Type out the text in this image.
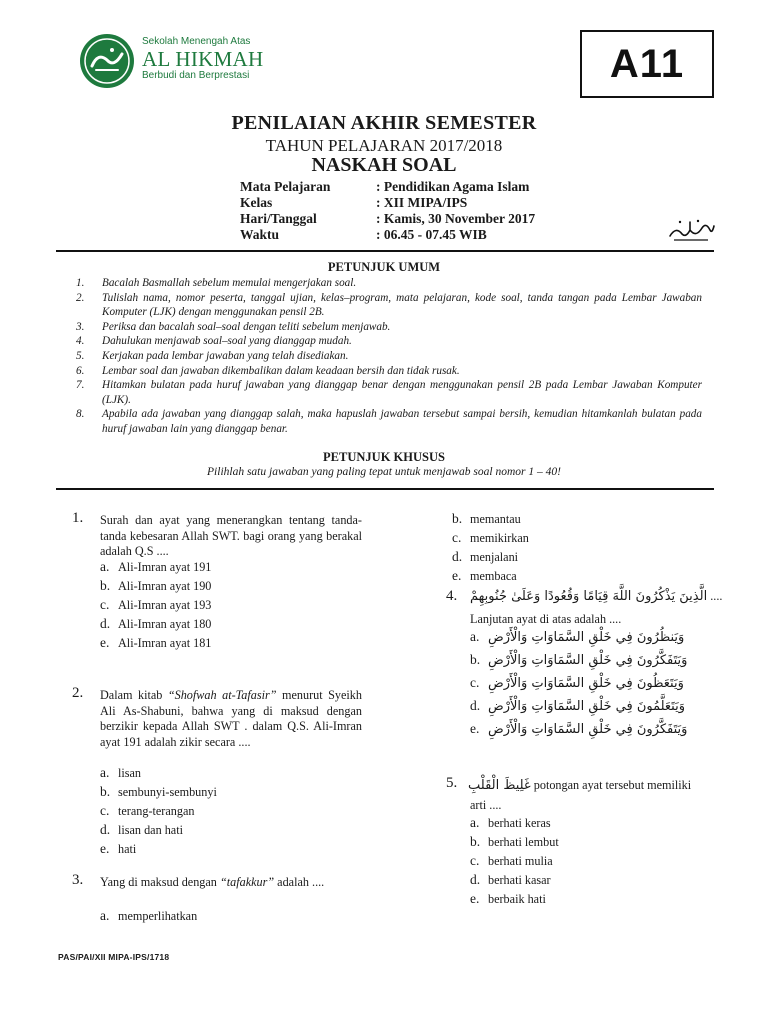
Sekolah Menengah Atas
AL HIKMAH
Berbudi dan Berprestasi	A11
PENILAIAN AKHIR SEMESTER
TAHUN PELAJARAN 2017/2018
NASKAH SOAL
Mata Pelajaran	: Pendidikan Agama Islam
Kelas	: XII MIPA/IPS
Hari/Tanggal	: Kamis, 30 November 2017
Waktu	: 06.45 - 07.45 WIB
PETUNJUK UMUM
1.	Bacalah Basmallah sebelum memulai mengerjakan soal.
2.	Tulislah nama, nomor peserta, tanggal ujian, kelas–program, mata pelajaran, kode soal, tanda tangan pada Lembar Jawaban Komputer (LJK) dengan menggunakan pensil 2B.
3.	Periksa dan bacalah soal–soal dengan teliti sebelum menjawab.
4.	Dahulukan menjawab soal–soal yang dianggap mudah.
5.	Kerjakan pada lembar jawaban yang telah disediakan.
6.	Lembar soal dan jawaban dikembalikan dalam keadaan bersih dan tidak rusak.
7.	Hitamkan bulatan pada huruf jawaban yang dianggap benar dengan menggunakan pensil 2B pada Lembar Jawaban Komputer (LJK).
8.	Apabila ada jawaban yang dianggap salah, maka hapuslah jawaban tersebut sampai bersih, kemudian hitamkanlah bulatan pada huruf jawaban lain yang dianggap benar.
PETUNJUK KHUSUS
Pilihlah satu jawaban yang paling tepat untuk menjawab soal nomor 1 – 40!
1. Surah dan ayat yang menerangkan tentang tanda-tanda kebesaran Allah SWT. bagi orang yang berakal adalah Q.S ....
a. Ali-Imran ayat 191
b. Ali-Imran ayat 190
c. Ali-Imran ayat 193
d. Ali-Imran ayat 180
e. Ali-Imran ayat 181
2. Dalam kitab “Shofwah at-Tafasir” menurut Syeikh Ali As-Shabuni, bahwa yang di maksud dengan berzikir kepada Allah SWT . dalam Q.S. Ali-Imran ayat 191 adalah zikir secara ....
a. lisan
b. sembunyi-sembunyi
c. terang-terangan
d. lisan dan hati
e. hati
3. Yang di maksud dengan “tafakkur” adalah ....
a. memperlihatkan
b. memantau
c. memikirkan
d. menjalani
e. membaca
4. الَّذِينَ يَذْكُرُونَ اللَّهَ قِيَامًا وَقُعُودًا وَعَلَىٰ جُنُوبِهِمْ ....
Lanjutan ayat di atas adalah ....
a. وَيَنظُرُونَ فِي خَلْقِ السَّمَاوَاتِ وَالْأَرْضِ
b. وَيَتَفَكَّرُونَ فِي خَلْقِ السَّمَاوَاتِ وَالْأَرْضِ
c. وَيَتَعَظُونَ فِي خَلْقِ السَّمَاوَاتِ وَالْأَرْضِ
d. وَيَتَعَلَّمُونَ فِي خَلْقِ السَّمَاوَاتِ وَالْأَرْضِ
e. وَيَتَفَكَّرُونَ فِي خَلْقِ السَّمَاوَاتِ وَالْأَرْضِ
5. غَلِيظَ الْقَلْبِ potongan ayat tersebut memiliki
arti ....
a. berhati keras
b. berhati lembut
c. berhati mulia
d. berhati kasar
e. berbaik hati
PAS/PAI/XII MIPA-IPS/1718
